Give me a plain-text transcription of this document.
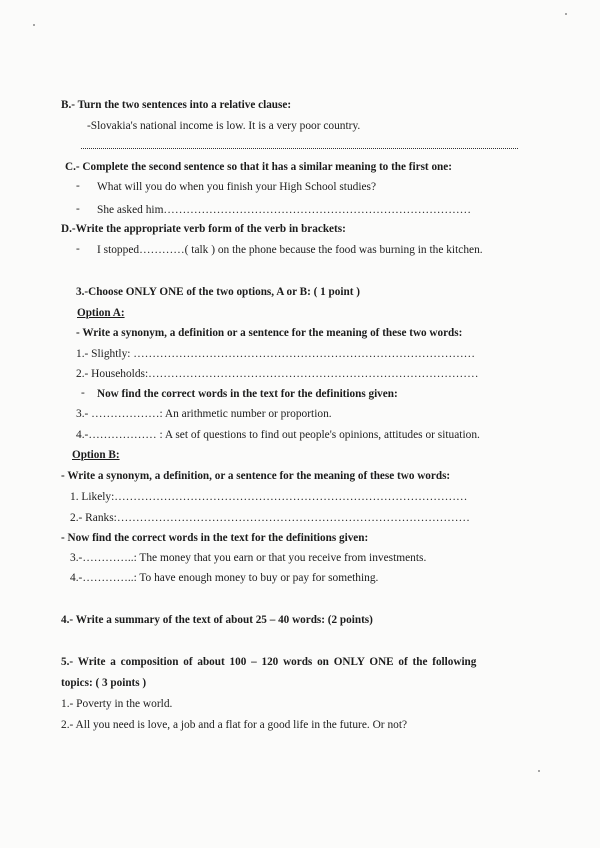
B.- Turn the two sentences into a relative clause:
-Slovakia's national income is low. It is a very poor country.
C.- Complete the second sentence so that it has a similar meaning to the first one:
- What will you do when you finish your High School studies?
- She asked him………………………………………………………………………
D.-Write the appropriate verb form of the verb in brackets:
- I stopped…………( talk ) on the phone because the food was burning in the kitchen.
3.-Choose ONLY ONE of the two options, A or B: ( 1 point )
Option A:
- Write a synonym, a definition or a sentence for the meaning of these two words:
1.- Slightly: ………………………………………………………………………………
2.- Households:……………………………………………………………………………
- Now find the correct words in the text for the definitions given:
3.- ………………: An arithmetic number or proportion.
4.-……………… : A set of questions to find out people's opinions, attitudes or situation.
Option B:
- Write a synonym, a definition, or a sentence for the meaning of these two words:
1. Likely:…………………………………………………………………………………
2.- Ranks:…………………………………………………………………………………
- Now find the correct words in the text for the definitions given:
3.-…………..: The money that you earn or that you receive from investments.
4.-…………..: To have enough money to buy or pay for something.
4.- Write a summary of the text of about 25 – 40 words: (2 points)
5.- Write a composition of about 100 – 120 words on ONLY ONE of the following
topics: ( 3 points )
1.- Poverty in the world.
2.- All you need is love, a job and a flat for a good life in the future. Or not?
